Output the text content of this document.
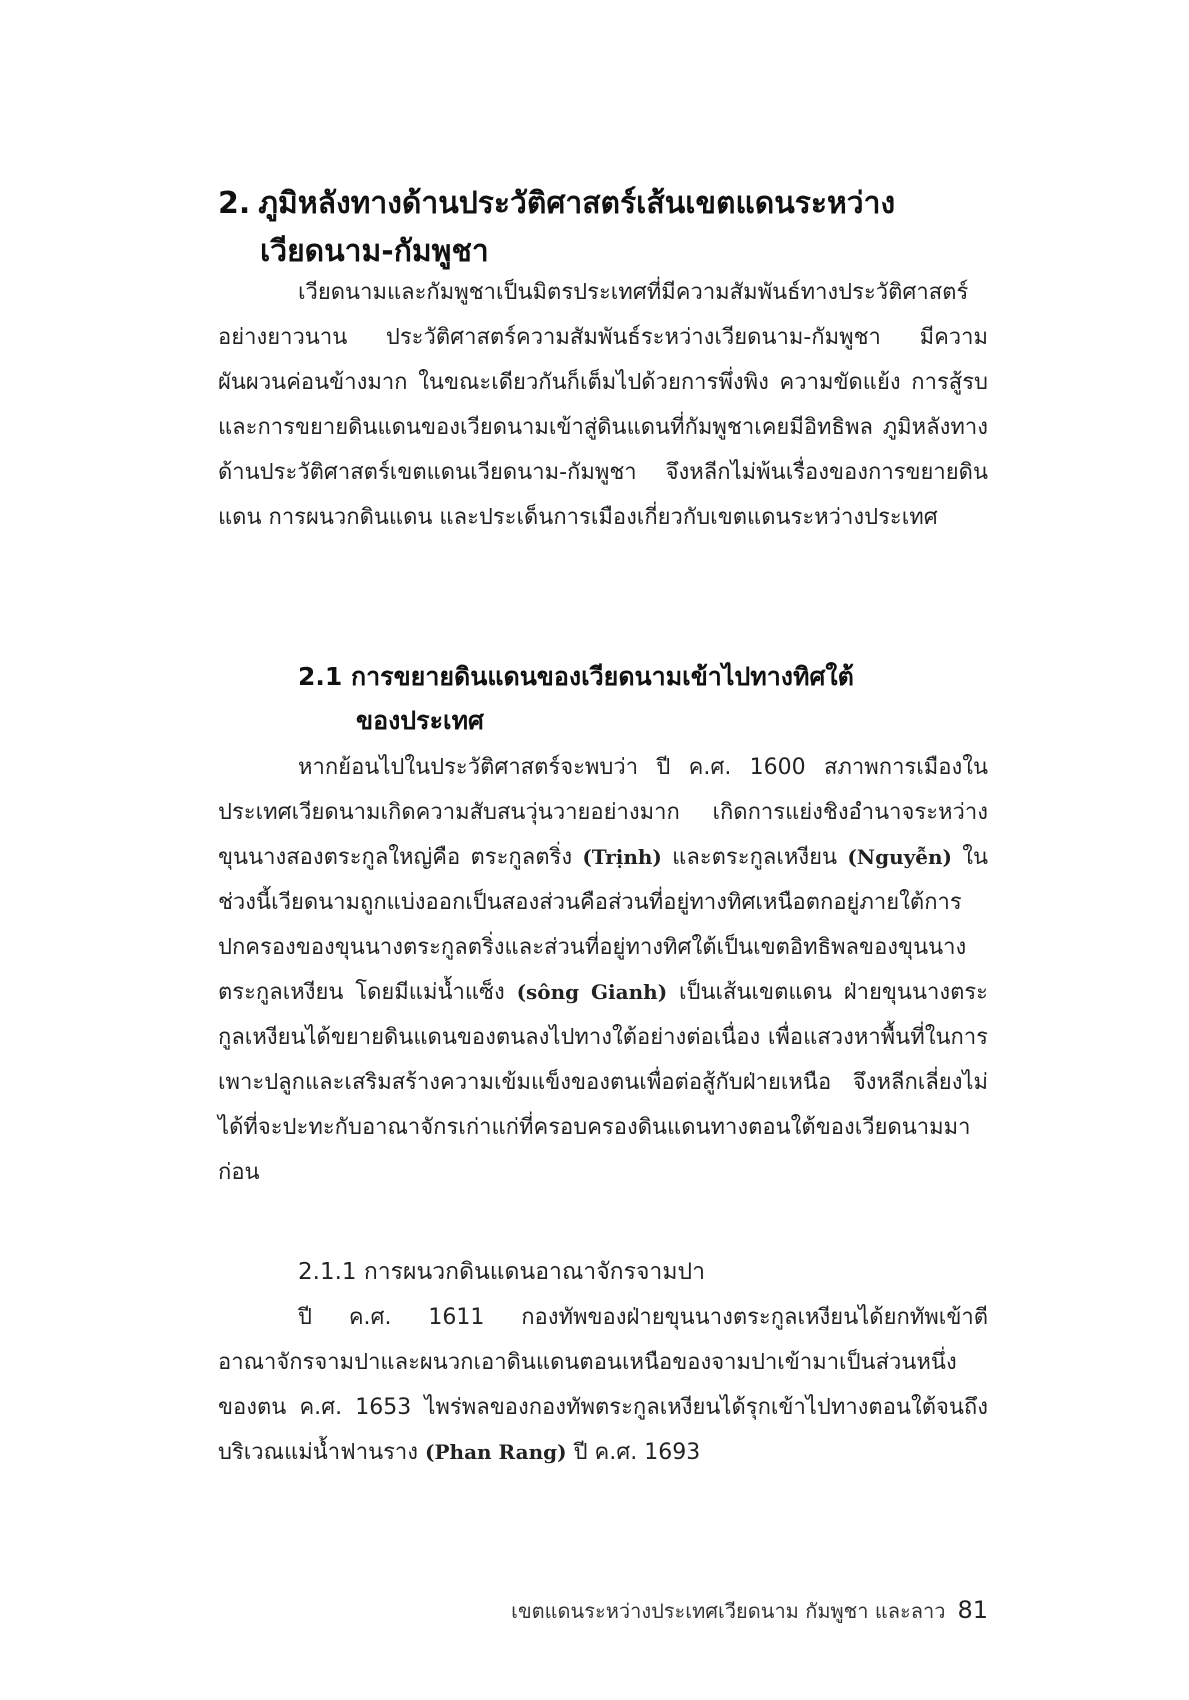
2. ภูมิหลังทางด้านประวัติศาสตร์เส้นเขตแดนระหว่าง
เวียดนาม-กัมพูชา

เวียดนามและกัมพูชาเป็นมิตรประเทศที่มีความสัมพันธ์ทางประวัติศาสตร์อย่างยาวนาน ประวัติศาสตร์ความสัมพันธ์ระหว่างเวียดนาม-กัมพูชา มีความผันผวนค่อนข้างมาก ในขณะเดียวกันก็เต็มไปด้วยการพึ่งพิง ความขัดแย้ง การสู้รบ และการขยายดินแดนของเวียดนามเข้าสู่ดินแดนที่กัมพูชาเคยมีอิทธิพล ภูมิหลังทางด้านประวัติศาสตร์เขตแดนเวียดนาม-กัมพูชา จึงหลีกไม่พ้นเรื่องของการขยายดินแดน การผนวกดินแดน และประเด็นการเมืองเกี่ยวกับเขตแดนระหว่างประเทศ

2.1 การขยายดินแดนของเวียดนามเข้าไปทางทิศใต้
ของประเทศ

หากย้อนไปในประวัติศาสตร์จะพบว่า ปี ค.ศ. 1600 สภาพการเมืองในประเทศเวียดนามเกิดความสับสนวุ่นวายอย่างมาก เกิดการแย่งชิงอำนาจระหว่างขุนนางสองตระกูลใหญ่คือ ตระกูลตริ่ง (Trịnh) และตระกูลเหงียน (Nguyễn) ในช่วงนี้เวียดนามถูกแบ่งออกเป็นสองส่วนคือส่วนที่อยู่ทางทิศเหนือตกอยู่ภายใต้การปกครองของขุนนางตระกูลตริ่งและส่วนที่อยู่ทางทิศใต้เป็นเขตอิทธิพลของขุนนางตระกูลเหงียน โดยมีแม่น้ำแซ็ง (sông Gianh) เป็นเส้นเขตแดน ฝ่ายขุนนางตระกูลเหงียนได้ขยายดินแดนของตนลงไปทางใต้อย่างต่อเนื่อง เพื่อแสวงหาพื้นที่ในการเพาะปลูกและเสริมสร้างความเข้มแข็งของตนเพื่อต่อสู้กับฝ่ายเหนือ จึงหลีกเลี่ยงไม่ได้ที่จะปะทะกับอาณาจักรเก่าแก่ที่ครอบครองดินแดนทางตอนใต้ของเวียดนามมาก่อน

2.1.1 การผนวกดินแดนอาณาจักรจามปา

ปี ค.ศ. 1611 กองทัพของฝ่ายขุนนางตระกูลเหงียนได้ยกทัพเข้าตีอาณาจักรจามปาและผนวกเอาดินแดนตอนเหนือของจามปาเข้ามาเป็นส่วนหนึ่งของตน ค.ศ. 1653 ไพร่พลของกองทัพตระกูลเหงียนได้รุกเข้าไปทางตอนใต้จนถึงบริเวณแม่น้ำฟานราง (Phan Rang) ปี ค.ศ. 1693

เขตแดนระหว่างประเทศเวียดนาม กัมพูชา และลาว 81
